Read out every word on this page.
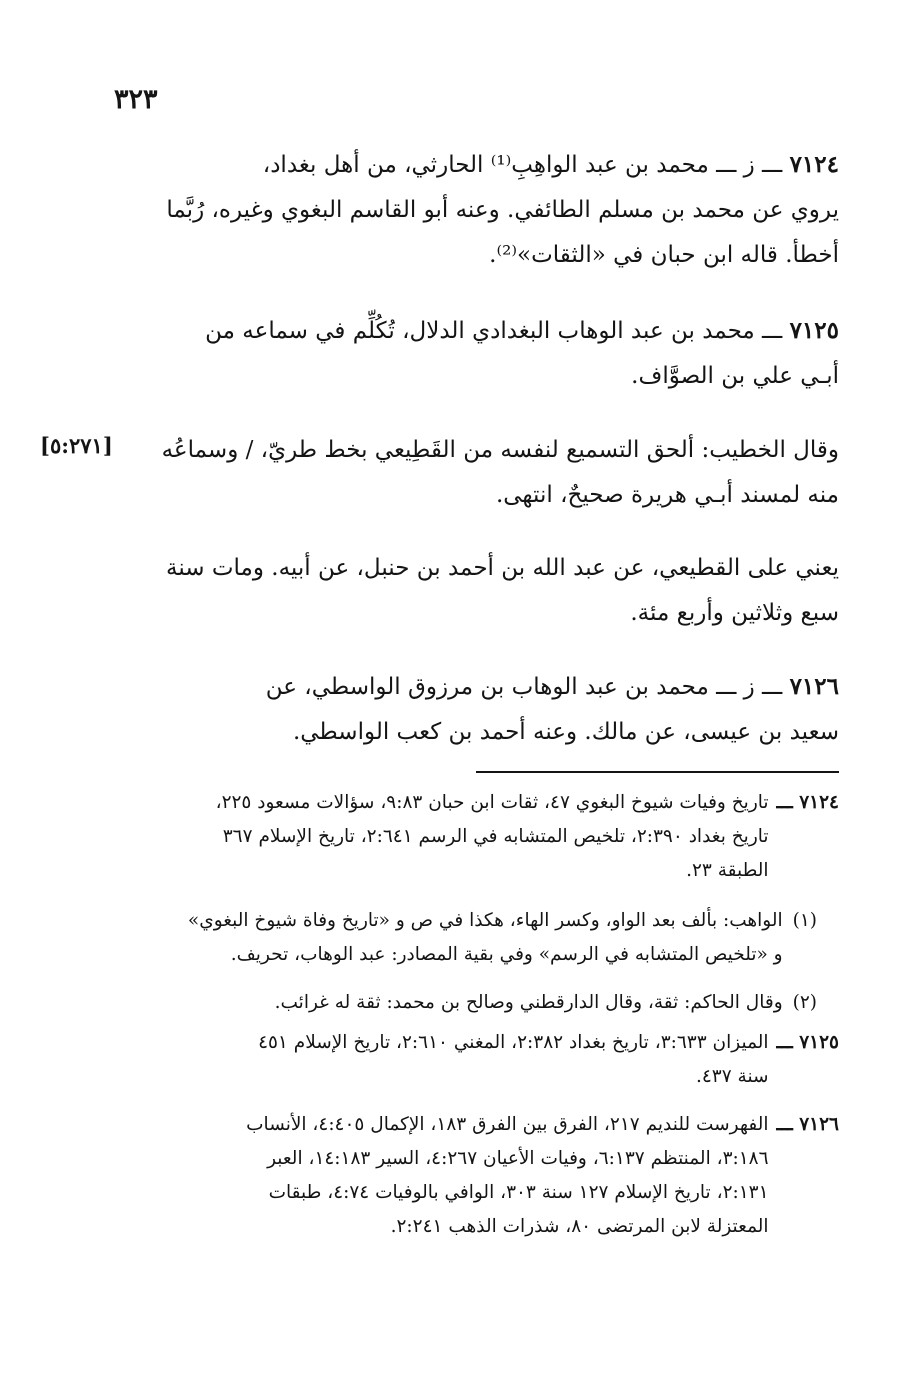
٣٢٣

٧١٢٤ ـــ ز ـــ محمد بن عبد الواهِبِ⁽¹⁾ الحارثي، من أهل بغداد،

يروي عن محمد بن مسلم الطائفي. وعنه أبو القاسم البغوي وغيره، رُبَّما

أخطأ. قاله ابن حبان في «الثقات»⁽²⁾.

٧١٢٥ ـــ محمد بن عبد الوهاب البغدادي الدلال، تُكُلِّم في سماعه من

أبـي علي بن الصوَّاف.

وقال الخطيب: ألحق التسميع لنفسه من القَطِيعي بخط طريّ، / وسماعُه

منه لمسند أبـي هريرة صحيحٌ، انتهى.

[٥:٢٧١]

يعني على القطيعي، عن عبد الله بن أحمد بن حنبل، عن أبيه. ومات سنة

سبع وثلاثين وأربع مئة.

٧١٢٦ ـــ ز ـــ محمد بن عبد الوهاب بن مرزوق الواسطي، عن

سعيد بن عيسى، عن مالك. وعنه أحمد بن كعب الواسطي.

٧١٢٤ ـــ
تاريخ وفيات شيوخ البغوي ٤٧، ثقات ابن حبان ٩:٨٣، سؤالات مسعود ٢٢٥،
تاريخ بغداد ٢:٣٩٠، تلخيص المتشابه في الرسم ٢:٦٤١، تاريخ الإسلام ٣٦٧
الطبقة ٢٣.
(١)
الواهب: بألف بعد الواو، وكسر الهاء، هكذا في ص و «تاريخ وفاة شيوخ البغوي»
و «تلخيص المتشابه في الرسم» وفي بقية المصادر: عبد الوهاب، تحريف.
(٢)
وقال الحاكم: ثقة، وقال الدارقطني وصالح بن محمد: ثقة له غرائب.
٧١٢٥ ـــ
الميزان ٣:٦٣٣، تاريخ بغداد ٢:٣٨٢، المغني ٢:٦١٠، تاريخ الإسلام ٤٥١
سنة ٤٣٧.
٧١٢٦ ـــ
الفهرست للنديم ٢١٧، الفرق بين الفرق ١٨٣، الإكمال ٤:٤٠٥، الأنساب
٣:١٨٦، المنتظم ٦:١٣٧، وفيات الأعيان ٤:٢٦٧، السير ١٤:١٨٣، العبر
٢:١٣١، تاريخ الإسلام ١٢٧ سنة ٣٠٣، الوافي بالوفيات ٤:٧٤، طبقات
المعتزلة لابن المرتضى ٨٠، شذرات الذهب ٢:٢٤١.
